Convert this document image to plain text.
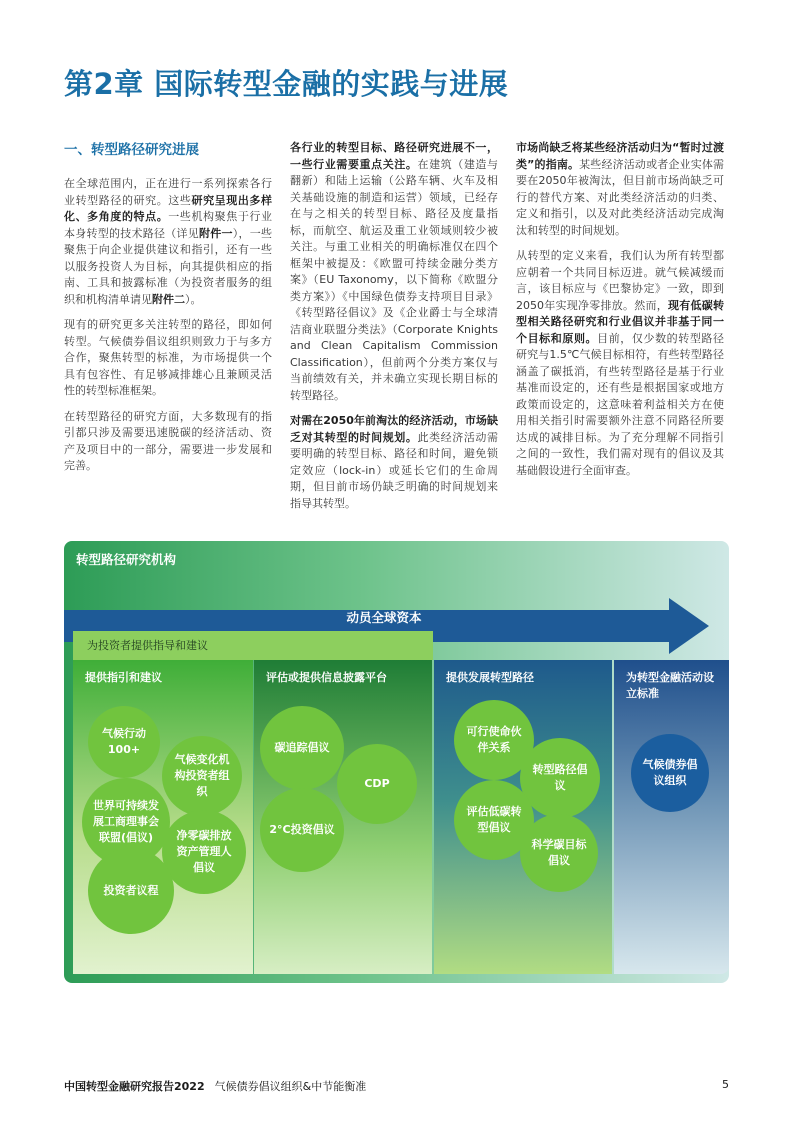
第2章 国际转型金融的实践与进展
一、转型路径研究进展

在全球范围内，正在进行一系列探索各行业转型路径的研究。这些研究呈现出多样化、多角度的特点。一些机构聚焦于行业本身转型的技术路径（详见附件一），一些聚焦于向企业提供建议和指引，还有一些以服务投资人为目标，向其提供相应的指南、工具和披露标准（为投资者服务的组织和机构清单请见附件二）。

现有的研究更多关注转型的路径，即如何转型。气候债券倡议组织则致力于与多方合作，聚焦转型的标准，为市场提供一个具有包容性、有足够减排雄心且兼顾灵活性的转型标准框架。

在转型路径的研究方面，大多数现有的指引都只涉及需要迅速脱碳的经济活动、资产及项目中的一部分，需要进一步发展和完善。

各行业的转型目标、路径研究进展不一，一些行业需要重点关注。在建筑（建造与翻新）和陆上运输（公路车辆、火车及相关基础设施的制造和运营）领域，已经存在与之相关的转型目标、路径及度量指标，而航空、航运及重工业领域则较少被关注。与重工业相关的明确标准仅在四个框架中被提及：《欧盟可持续金融分类方案》（EU Taxonomy，以下简称《欧盟分类方案》）《中国绿色债券支持项目目录》《转型路径倡议》及《企业爵士与全球清洁商业联盟分类法》（Corporate Knights and Clean Capitalism Commission Classification），但前两个分类方案仅与当前绩效有关，并未确立实现长期目标的转型路径。

对需在2050年前淘汰的经济活动，市场缺乏对其转型的时间规划。此类经济活动需要明确的转型目标、路径和时间，避免锁定效应（lock-in）或延长它们的生命周期，但目前市场仍缺乏明确的时间规划来指导其转型。

市场尚缺乏将某些经济活动归为“暂时过渡类”的指南。某些经济活动或者企业实体需要在2050年被淘汰，但目前市场尚缺乏可行的替代方案、对此类经济活动的归类、定义和指引，以及对此类经济活动完成淘汰和转型的时间规划。

从转型的定义来看，我们认为所有转型都应朝着一个共同目标迈进。就气候减缓而言，该目标应与《巴黎协定》一致，即到2050年实现净零排放。然而，现有低碳转型相关路径研究和行业倡议并非基于同一个目标和原则。目前，仅少数的转型路径研究与1.5℃气候目标相符，有些转型路径涵盖了碳抵消，有些转型路径是基于行业基准而设定的，还有些是根据国家或地方政策而设定的，这意味着利益相关方在使用相关指引时需要额外注意不同路径所要达成的减排目标。为了充分理解不同指引之间的一致性，我们需对现有的倡议及其基础假设进行全面审查。

转型路径研究机构
动员全球资本
为投资者提供指导和建议
提供指引和建议
气候行动100+
气候变化机构投资者组织
世界可持续发展工商理事会联盟(倡议)	净零碳排放资产管理人倡议
投资者议程
评估或提供信息披露平台
碳追踪倡议
CDP
2°C投资倡议
提供发展转型路径
可行使命伙伴关系
转型路径倡议
评估低碳转型倡议
科学碳目标倡议
为转型金融活动设立标准
气候债券倡议组织
中国转型金融研究报告2022 气候债券倡议组织&中节能衡准	5
